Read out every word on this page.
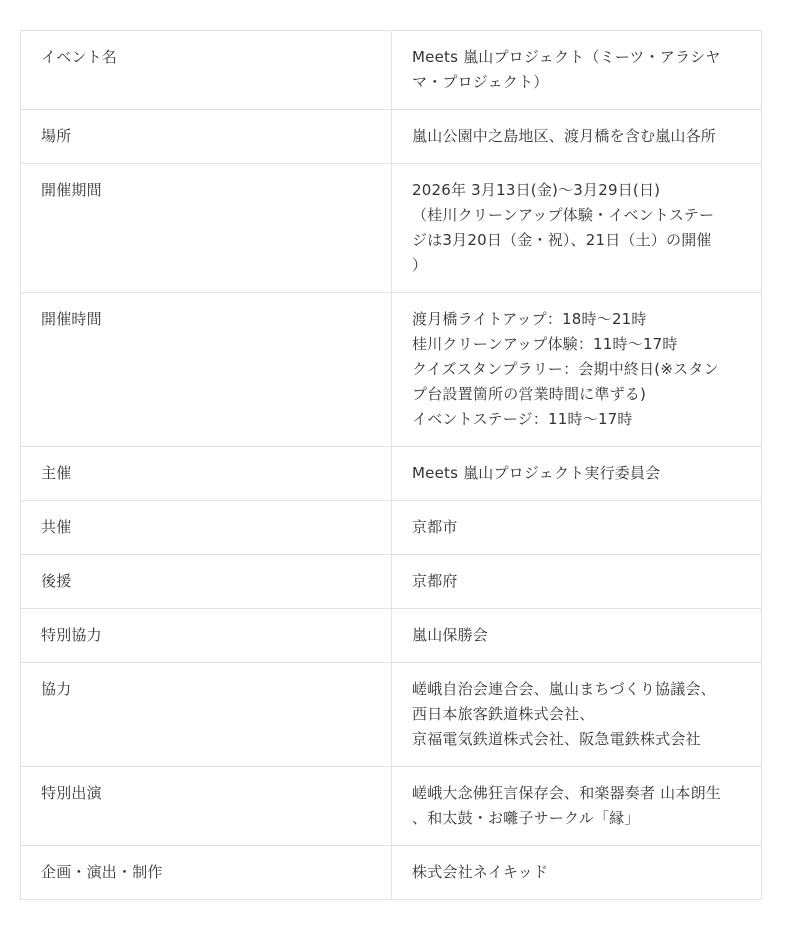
イベント名	Meets 嵐山プロジェクト（ミーツ・アラシヤ
マ・プロジェクト）

場所	嵐山公園中之島地区、渡月橋を含む嵐山各所

開催期間	2026年 3月13日(金)〜3月29日(日)
（桂川クリーンアップ体験・イベントステー
ジは3月20日（金・祝）、21日（土）の開催
）

開催時間	渡月橋ライトアップ：18時〜21時
桂川クリーンアップ体験：11時〜17時
クイズスタンプラリー：会期中終日(※スタン
プ台設置箇所の営業時間に準ずる)
イベントステージ：11時〜17時

主催	Meets 嵐山プロジェクト実行委員会

共催	京都市

後援	京都府

特別協力	嵐山保勝会

協力	嵯峨自治会連合会、嵐山まちづくり協議会、
西日本旅客鉄道株式会社、
京福電気鉄道株式会社、阪急電鉄株式会社

特別出演	嵯峨大念佛狂言保存会、和楽器奏者 山本朗生
、和太鼓・お囃子サークル「縁」

企画・演出・制作	株式会社ネイキッド
